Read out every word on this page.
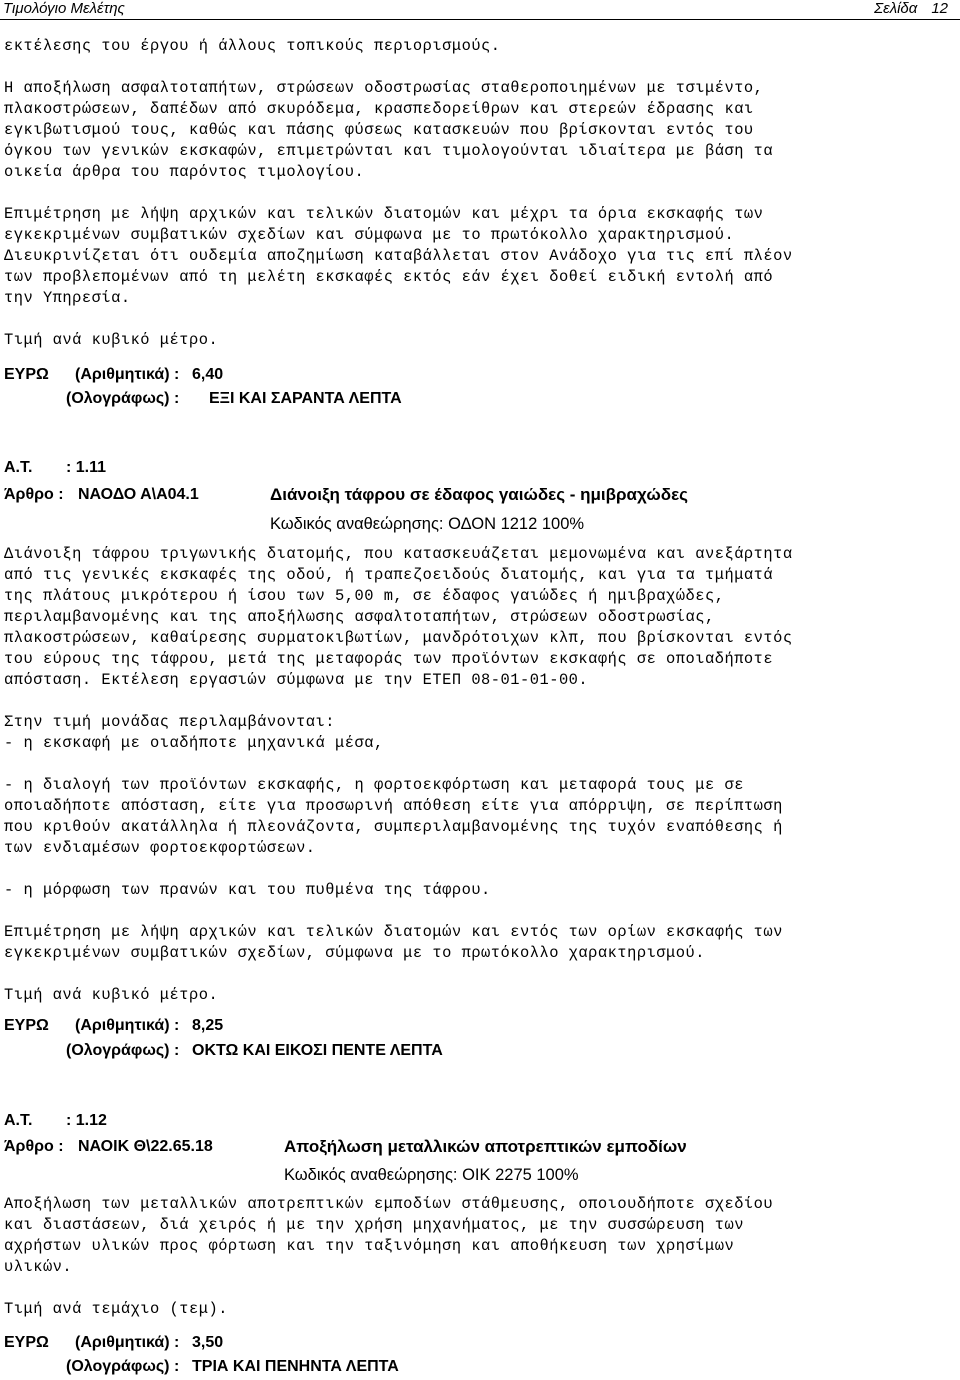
Τιμολόγιο Μελέτης	Σελίδα 12
εκτέλεσης του έργου ή άλλους τοπικούς περιορισμούς.
Η αποξήλωση ασφαλτοταπήτων, στρώσεων οδοστρωσίας σταθεροποιημένων με τσιμέντο,
πλακοστρώσεων, δαπέδων από σκυρόδεμα, κρασπεδορείθρων και στερεών έδρασης και
εγκιβωτισμού τους, καθώς και πάσης φύσεως κατασκευών που βρίσκονται εντός του
όγκου των γενικών εκσκαφών, επιμετρώνται και τιμολογούνται ιδιαίτερα με βάση τα
οικεία άρθρα του παρόντος τιμολογίου.
Επιμέτρηση με λήψη αρχικών και τελικών διατομών και μέχρι τα όρια εκσκαφής των
εγκεκριμένων συμβατικών σχεδίων και σύμφωνα με το πρωτόκολλο χαρακτηρισμού.
Διευκρινίζεται ότι ουδεμία αποζημίωση καταβάλλεται στον Ανάδοχο για τις επί πλέον
των προβλεπομένων από τη μελέτη εκσκαφές εκτός εάν έχει δοθεί ειδική εντολή από
την Υπηρεσία.
Τιμή ανά κυβικό μέτρο.
ΕΥΡΩ (Αριθμητικά) : 6,40
(Ολογράφως) : ΕΞΙ ΚΑΙ ΣΑΡΑΝΤΑ ΛΕΠΤΑ
Α.Τ. : 1.11
Άρθρο : ΝΑΟΔΟ Α\Α04.1	Διάνοιξη τάφρου σε έδαφος γαιώδες - ημιβραχώδες
Κωδικός αναθεώρησης: ΟΔΟΝ 1212 100%
Διάνοιξη τάφρου τριγωνικής διατομής, που κατασκευάζεται μεμονωμένα και ανεξάρτητα
από τις γενικές εκσκαφές της οδού, ή τραπεζοειδούς διατομής, και για τα τμήματά
της πλάτους μικρότερου ή ίσου των 5,00 m, σε έδαφος γαιώδες ή ημιβραχώδες,
περιλαμβανομένης και της αποξήλωσης ασφαλτοταπήτων, στρώσεων οδοστρωσίας,
πλακοστρώσεων, καθαίρεσης συρματοκιβωτίων, μανδρότοιχων κλπ, που βρίσκονται εντός
του εύρους της τάφρου, μετά της μεταφοράς των προϊόντων εκσκαφής σε οποιαδήποτε
απόσταση. Εκτέλεση εργασιών σύμφωνα με την ΕΤΕΠ 08-01-01-00.
Στην τιμή μονάδας περιλαμβάνονται:
- η εκσκαφή με οιαδήποτε μηχανικά μέσα,
- η διαλογή των προϊόντων εκσκαφής, η φορτοεκφόρτωση και μεταφορά τους με σε
οποιαδήποτε απόσταση, είτε για προσωρινή απόθεση είτε για απόρριψη, σε περίπτωση
που κριθούν ακατάλληλα ή πλεονάζοντα, συμπεριλαμβανομένης της τυχόν εναπόθεσης ή
των ενδιαμέσων φορτοεκφορτώσεων.
- η μόρφωση των πρανών και του πυθμένα της τάφρου.
Επιμέτρηση με λήψη αρχικών και τελικών διατομών και εντός των ορίων εκσκαφής των
εγκεκριμένων συμβατικών σχεδίων, σύμφωνα με το πρωτόκολλο χαρακτηρισμού.
Τιμή ανά κυβικό μέτρο.
ΕΥΡΩ (Αριθμητικά) : 8,25
(Ολογράφως) : ΟΚΤΩ ΚΑΙ ΕΙΚΟΣΙ ΠΕΝΤΕ ΛΕΠΤΑ
Α.Τ. : 1.12
Άρθρο : ΝΑΟΙΚ Θ\22.65.18	Αποξήλωση μεταλλικών αποτρεπτικών εμποδίων
Κωδικός αναθεώρησης: ΟΙΚ 2275 100%
Αποξήλωση των μεταλλικών αποτρεπτικών εμποδίων στάθμευσης, οποιουδήποτε σχεδίου
και διαστάσεων, διά χειρός ή με την χρήση μηχανήματος, με την συσσώρευση των
αχρήστων υλικών προς φόρτωση και την ταξινόμηση και αποθήκευση των χρησίμων
υλικών.
Τιμή ανά τεμάχιο (τεμ).
ΕΥΡΩ (Αριθμητικά) : 3,50
(Ολογράφως) : ΤΡΙΑ ΚΑΙ ΠΕΝΗΝΤΑ ΛΕΠΤΑ
